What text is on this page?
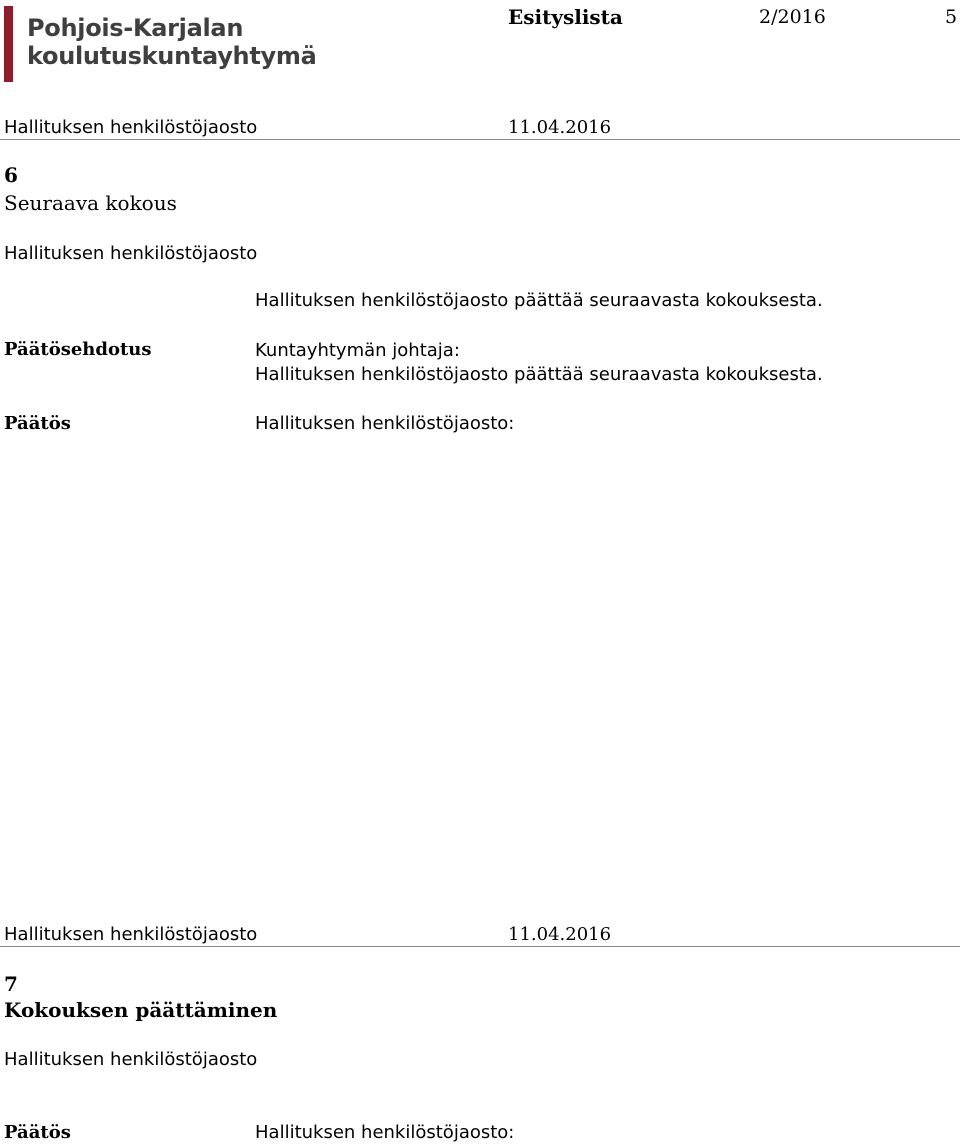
Pohjois-Karjalan
koulutuskuntayhtymä
Esityslista	2/2016	5
Hallituksen henkilöstöjaosto	11.04.2016
6
Seuraava kokous
Hallituksen henkilöstöjaosto
Hallituksen henkilöstöjaosto päättää seuraavasta kokouksesta.
Päätösehdotus	Kuntayhtymän johtaja:
Hallituksen henkilöstöjaosto päättää seuraavasta kokouksesta.
Päätös	Hallituksen henkilöstöjaosto:
Hallituksen henkilöstöjaosto	11.04.2016
7
Kokouksen päättäminen
Hallituksen henkilöstöjaosto
Päätös	Hallituksen henkilöstöjaosto:
